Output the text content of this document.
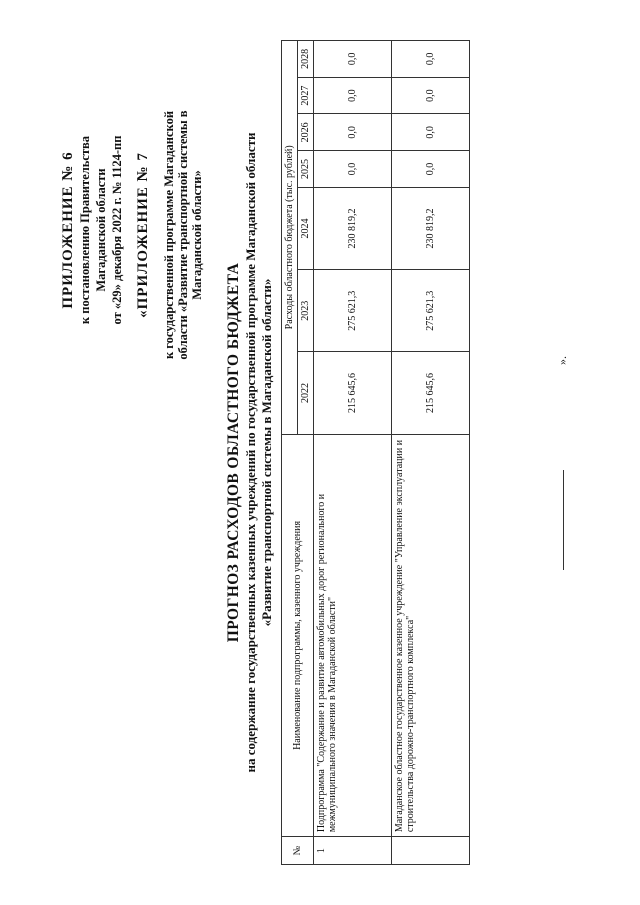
ПРИЛОЖЕНИЕ № 6 к постановлению Правительства Магаданской области от «29» декабря 2022 г. № 1124-пп «ПРИЛОЖЕНИЕ № 7 к государственной программе Магаданской области «Развитие транспортной системы в Магаданской области»
ПРОГНОЗ РАСХОДОВ ОБЛАСТНОГО БЮДЖЕТА на содержание государственных казенных учреждений по государственной программе Магаданской области «Развитие транспортной системы в Магаданской области»
№	Наименование подпрограммы, казенного учреждения	Расходы областного бюджета (тыс. рублей)						
		2022	2023	2024	2025	2026	2027	2028
1	Подпрограмма "Содержание и развитие автомобильных дорог регионального и межмуниципального значения в Магаданской области"	215 645,6	275 621,3	230 819,2	0,0	0,0	0,0	0,0
	Магаданское областное государственное казенное учреждение "Управление эксплуатации и строительства дорожно-транспортного комплекса"	215 645,6	275 621,3	230 819,2	0,0	0,0	0,0	0,0
».
